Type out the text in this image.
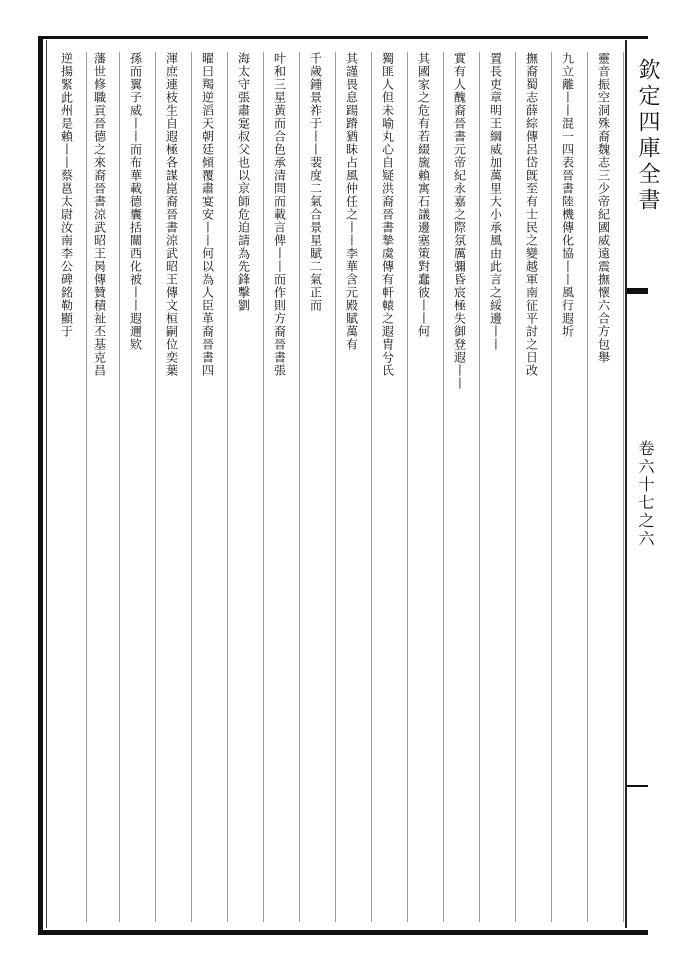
欽定四庫全書
卷六十七之六
靈音振空洞殊裔魏志三少帝紀國威遠震撫懷六合方包舉
九立離丨丨混一四表晉書陸機傳化協丨丨風行遐圻
撫裔蜀志薛綜傳呂岱旣至有士民之變越軍南征平討之日改
置長吏章明王綱威加萬里大小承風由此言之綏邊丨丨
實有人醜裔晉書元帝紀永嘉之際氛厲彌昏宸極失御登遐丨丨
其國家之危有若綴旒賴寓石議邊塞策對蠢彼丨丨何
獨匪人但未喻丸心自疑洪裔晉書摯虞傳有軒轅之遐胄兮氏
其謹畏息踼蹐猶眛占風仲任之丨丨李華含元殿賦萬有
千歲鍾景祚于丨丨裴度二氣合景星賦二氣正而
叶和三星黃而合色承清問而載言俾丨丨而作則方裔晉書張
海太守張肅寔叔父也以京師危迫請為先鋒擊劉
曜曰羯逆滔天朝廷傾覆肅宴安丨丨何以為人臣革裔晉書四
渾庶連枝生自遐極各謀崑裔晉書涼武昭王傳文桓嗣位奕葉
孫而翼子威丨丨而布華載德囊括關西化被丨丨遐邇欵
藩世修職貢晉德之來裔晉書涼武昭王昺傳贊積祉丕基克昌
逆揚緊此州是賴丨丨蔡邕太尉汝南李公碑銘勒顯于
